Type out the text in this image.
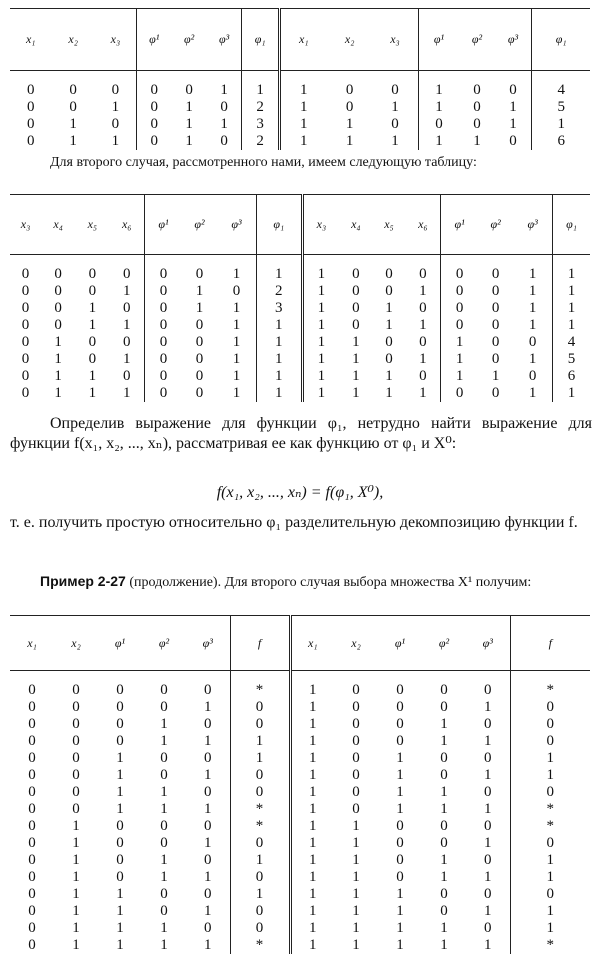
x₁	x₂	x₃	φ¹	φ²	φ³	φ₁	x₁	x₂	x₃	φ¹	φ²	φ³	φ₁

0	0	0	0	0	1	1	1	0	0	1	0	0	4
0	0	1	0	1	0	2	1	0	1	1	0	1	5
0	1	0	0	1	1	3	1	1	0	0	0	1	1
0	1	1	0	1	0	2	1	1	1	1	1	0	6

Для второго случая, рассмотренного нами, имеем следующую таблицу:

x₃	x₄	x₅	x₆	φ¹	φ²	φ³	φ₁	x₃	x₄	x₅	x₆	φ¹	φ²	φ³	φ₁

0	0	0	0	0	0	1	1	1	0	0	0	0	0	1	1
0	0	0	1	0	1	0	2	1	0	0	1	0	0	1	1
0	0	1	0	0	1	1	3	1	0	1	0	0	0	1	1
0	0	1	1	0	0	1	1	1	0	1	1	0	0	1	1
0	1	0	0	0	0	1	1	1	1	0	0	1	0	0	4
0	1	0	1	0	0	1	1	1	1	0	1	1	0	1	5
0	1	1	0	0	0	1	1	1	1	1	0	1	1	0	6
0	1	1	1	0	0	1	1	1	1	1	1	0	0	1	1

Определив выражение для функции φ₁, нетрудно найти выражение для функции f(x₁, x₂, ..., xₙ), рассматривая ее как функцию от φ₁ и X⁰:

f(x₁, x₂, ..., xₙ) = f(φ₁, X⁰),

т. е. получить простую относительно φ₁ разделительную декомпозицию функции f.

Пример 2-27 (продолжение). Для второго случая выбора множества X¹ получим:

x₁	x₂	φ¹	φ²	φ³	f	x₁	x₂	φ¹	φ²	φ³	f

0	0	0	0	0	*	1	0	0	0	0	*
0	0	0	0	1	0	1	0	0	0	1	0
0	0	0	1	0	0	1	0	0	1	0	0
0	0	0	1	1	1	1	0	0	1	1	0
0	0	1	0	0	1	1	0	1	0	0	1
0	0	1	0	1	0	1	0	1	0	1	1
0	0	1	1	0	0	1	0	1	1	0	0
0	0	1	1	1	*	1	0	1	1	1	*
0	1	0	0	0	*	1	1	0	0	0	*
0	1	0	0	1	0	1	1	0	0	1	0
0	1	0	1	0	1	1	1	0	1	0	1
0	1	0	1	1	0	1	1	0	1	1	1
0	1	1	0	0	1	1	1	1	0	0	0
0	1	1	0	1	0	1	1	1	0	1	1
0	1	1	1	0	0	1	1	1	1	0	1
0	1	1	1	1	*	1	1	1	1	1	*
